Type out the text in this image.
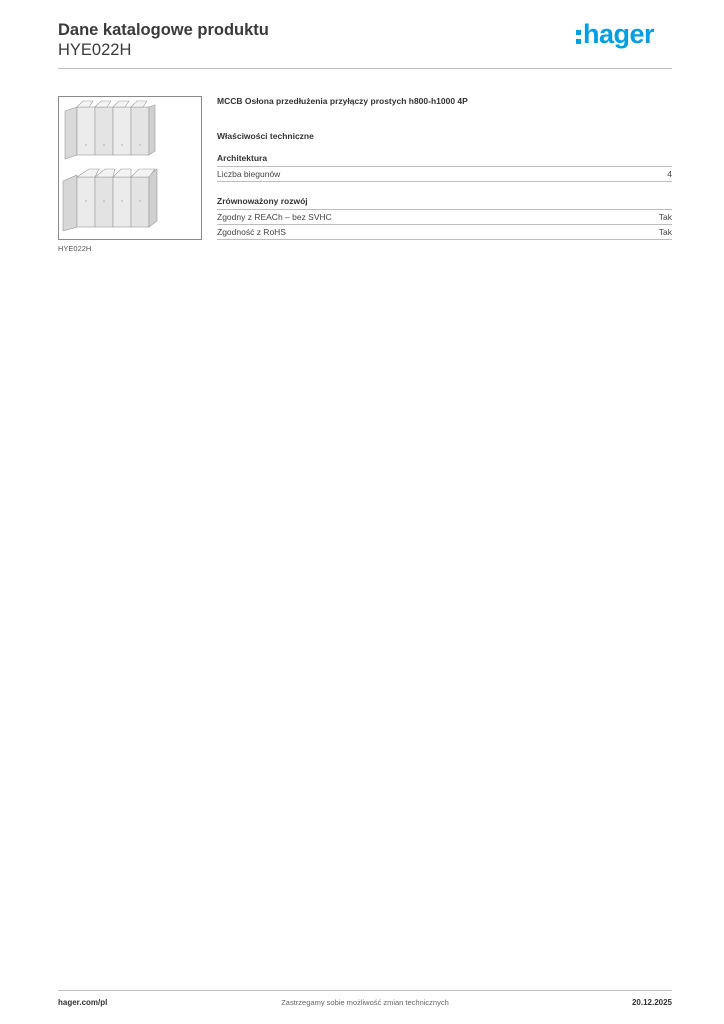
Dane katalogowe produktu
HYE022H
hager
HYE022H
MCCB Osłona przedłużenia przyłączy prostych h800-h1000 4P
Właściwości techniczne
Architektura
Liczba biegunów	4
Zrównoważony rozwój
Zgodny z REACh – bez SVHC	Tak
Zgodność z RoHS	Tak
hager.com/pl	Zastrzegamy sobie możliwość zmian technicznych	20.12.2025
